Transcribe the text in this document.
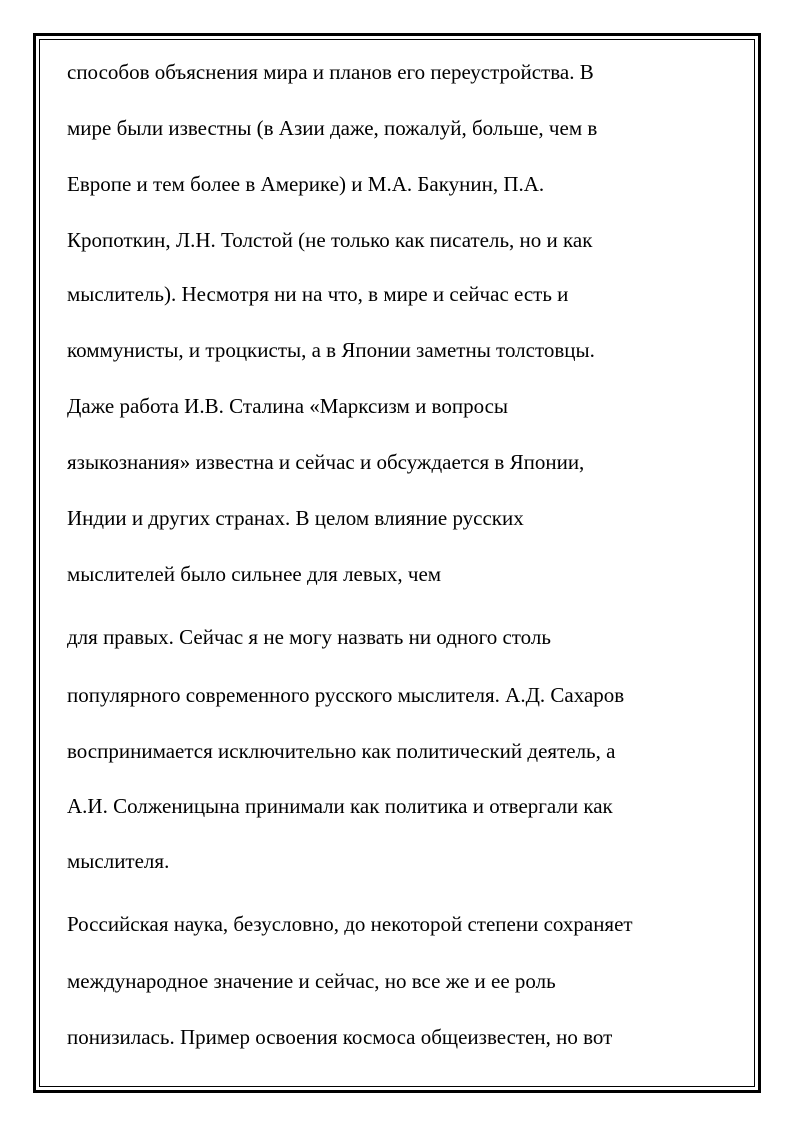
способов объяснения мира и планов его переустройства. В
мире были известны (в Азии даже, пожалуй, больше, чем в
Европе и тем более в Америке) и М.А. Бакунин, П.А.
Кропоткин, Л.Н. Толстой (не только как писатель, но и как
мыслитель). Несмотря ни на что, в мире и сейчас есть и
коммунисты, и троцкисты, а в Японии заметны толстовцы.
Даже работа И.В. Сталина «Марксизм и вопросы
языкознания» известна и сейчас и обсуждается в Японии,
Индии и других странах. В целом влияние русских
мыслителей было сильнее для левых, чем
для правых. Сейчас я не могу назвать ни одного столь
популярного современного русского мыслителя. А.Д. Сахаров
воспринимается исключительно как политический деятель, а
А.И. Солженицына принимали как политика и отвергали как
мыслителя.
Российская наука, безусловно, до некоторой степени сохраняет
международное значение и сейчас, но все же и ее роль
понизилась. Пример освоения космоса общеизвестен, но вот
